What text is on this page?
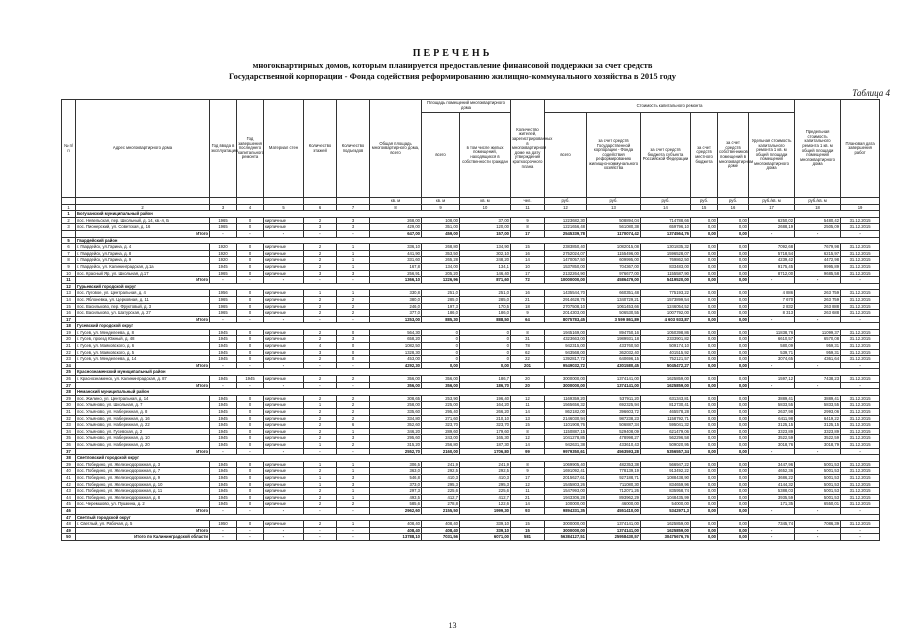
ПЕРЕЧЕНЬ
многоквартирных домов, которым планируется предоставление финансовой поддержки за счет средств
Государственной корпорации - Фонда содействия реформированию жилищно-коммунального хозяйства в 2015 году
Таблица 4
№ п/п	Адрес многоквартирного дома	Год ввода в эксплуатацию	Год завершения последнего капитального ремонта	Материал стен	Количество этажей	Количество подъездов	Общая площадь многоквартирного дома, всего	Площадь помещений многоквартирного дома		Количество жителей, зарегистрированных в многоквартирном доме на дату утверждения краткосрочного плана	Стоимость капитального ремонта						Предельная стоимость капитального ремонта 1 кв. м общей площади помещений многоквартирного дома	Плановая дата завершения работ
								всего	в том числе жилых помещений, находящихся в собственности граждан		всего	за счет средств Государственной корпорации - Фонда содействия реформированию жилищно-коммунального хозяйства	за счет средств бюджета субъекта Российской Федерации	за счет средств местного бюджета	за счет средств собственников помещений в многоквартирном доме	Удельная стоимость капитального ремонта 1 кв. м общей площади помещений многоквартирного дома		
							кв. м	кв. м	кв. м	чел.	руб.	руб.	руб.	руб.	руб.	руб./кв. м	руб./кв. м	
1	2	3	4	5	6	7	8	9	10	11	12	13	14	15	16	17	18	19
1	Богучанский муниципальный район																	
2	пос. Невельская, пер. Школьный, д. 14, кв.-л, Б	1965	0	кирпичные	2	3	268,00	108,00	37,00	9	1223682,30	508894,04	714788,66	0,00	0,00	6250,02	5480,42	31.12.2015
3	пос. Пионерский, ул. Советская, д. 16	1965	0	кирпичные	3	3	429,00	351,00	120,00	8	1221656,48	561080,38	659796,10	0,00	0,00	2688,19	2505,09	31.12.2015
	Итого	-	-	-	-	-	647,00	459,00	157,00	17	2545339,78	1170074,42	1374564,76	0,00	0,00	-	-	-
5	Гвардейский район																	
6	г. Гвардейск, ул.Гарина, д. 4	1920	0	кирпичные	2	1	336,10	268,80	134,90	15	2383850,40	1082015,08	1301835,32	0,00	0,00	7092,68	7679,98	31.12.2015
7	г. Гвардейск, ул.Гарина, д. 8	1920	0	кирпичные	2	1	441,90	353,50	302,10	16	2752024,07	1155496,00	1596528,07	0,00	0,00	5718,54	6215,97	31.12.2015
8	г. Гвардейск, ул.Гарина, д. 9	1920	0	кирпичные	2	1	331,60	265,28	248,20	14	1470057,50	609995,00	769862,50	0,00	0,00	4239,42	4472,98	31.12.2015
9	г. Гвардейск, ул. Калининградская, д.1а	1945	0	кирпичные	2	1	167,8	134,00	134,1	10	1537850,00	704367,00	833483,00	0,00	0,00	9175,45	9995,89	31.12.2015
10	пос. Красный Яр, ул. Школьная, д.17	1965	0	кирпичные	3	3	256,91	205,20	146,40	17	2132264,90	976677,00	1155587,90	0,00	0,00	8712,00	9685,58	31.12.2015
11	Итого	-	-	-	-	-	1366,10	1226,96	871,60	72	10000000,00	4586479,00	5419520,00	0,00	0,00	-	-	-
12	Гурьевский городской округ																	
13	пос. Луговое, ул. Центральная, д. 4	1956	0	кирпичные	1	1	330,8	251,0	251,0	16	1435544,70	660351,48	775193,22	0,00	0,00	4 886	263 759	31.12.2015
14	пос. Яблоневка, ул. Церковная, д. 11	1965	0	кирпичные	2	2	380,0	285,0	285,0	21	2914628,75	1340729,21	1573899,54	0,00	0,00	7 670	263 759	31.12.2015
15	пос. Васильково, пер. Фруктовый, д. 3	1965	0	кирпичные	2	2	246,0	197,3	170,5	18	2707508,10	1061453,66	1246054,52	0,00	0,00	2 832	263 888	31.12.2015
16	пос. Васильково, ул. Шатурская, д. 27	1965	0	кирпичные	2	2	377,0	186,0	186,0	9	2014303,00	506530,55	1007792,00	0,00	0,00	8 313	263 688	31.12.2015
17	Итого	-	-	-	-	-	1253,00	885,30	888,50	64	8075783,45	3 599 861,89	4 603 933,87	0,00	0,00	-	-	-
18	Гусевский городской округ																	
19	г. Гусев, ул. Менделеева, д. 8	1945	0	кирпичные	2	0	564,30	0	0	8	1945169,00	894750,16	1050398,86	0,00	0,00	11838,76	11099,37	31.12.2015
20	г. Гусев, проезд Южный, д. 48	1945	0	кирпичные	2	3	658,20	0	0	31	4323663,00	1989931,18	2333901,82	0,00	0,00	6610,57	6570,08	31.12.2015
21	г. Гусев, ул. Маяковского, д. 6	1945	0	кирпичные	4	0	1082,50	0	0	78	942315,00	433760,50	509174,10	0,00	0,00	580,09	959,31	31.12.2015
22	г. Гусев, ул. Маяковского, д. 5	1945	0	кирпичные	3	0	1328,30	0	0	62	943568,00	362032,40	401515,92	0,00	0,00	539,71	959,31	31.12.2015
23	г. Гусев, ул. Менделеева, д. 14	1945	0	кирпичные	2	0	453,00	0	0	22	1392817,72	640696,15	752121,57	0,00	0,00	3074,65	4361,64	31.12.2015
24	Итого	-	-	-	-	-	4292,30	0,00	0,00	201	9549032,72	4301580,45	5045472,27	0,00	0,00	-	-	-
25	Краснознаменский муниципальный район																	
26	г. Краснознаменск, ул. Калининградская, д. 87	1945	1945	кирпичные	2	2	356,00	356,00	186,7	20	3000000,00	1374141,00	1625859,00	0,00	0,00	1597,12	7438,23	31.12.2015
27	Итого	-	-	-	-	-	356,00	356,00	186,70	20	3000000,00	1374141,00	1625859,00	0,00	0,00	-	-	-
28	Неманский муниципальный район																	
29	пос. Жилино, ул. Центральная, д. 14	1945	0	кирпичные	2	2	308,65	253,90	196,40	12	1169359,20	537911,20	631343,81	0,00	0,00	3889,41	3889,41	31.12.2015
30	пос. Ульяново, ул. Школьная, д. 7	1945	0	кирпичные	1	2	258,00	225,00	164,20	11	1565656,32	692325,94	812730,41	0,00	0,00	5833,55	5833,55	31.12.2015
31	пос. Ульяново, ул. Набережная, д. 8	1945	0	кирпичные	2	2	335,60	295,40	266,20	14	862182,00	396603,72	465578,28	0,00	0,00	2637,98	2993,06	31.12.2015
32	пос. Ульяново, ул. Набережная, д. 16	1945	0	кирпичные	2	2	334,80	271,60	210,10	13	2146030,94	987238,23	1158792,71	0,00	0,00	6411,98	6419,22	31.12.2015
33	пос. Ульяново, ул. Набережная, д. 22	1945	0	кирпичные	2	6	352,60	323,70	323,70	15	1101908,76	506887,34	595041,32	0,00	0,00	3125,15	3125,15	31.12.2015
34	пос. Ульяново, ул. Гусевская, д. 2	1945	0	кирпичные	2	1	346,20	289,60	179,60	8	1150887,15	529408,09	621479,06	0,00	0,00	3323,89	3323,89	31.12.2015
35	пос. Ульяново, ул. Набережная, д. 10	1945	0	кирпичные	2	3	295,60	243,00	165,30	12	1041278,85	478998,27	562296,58	0,00	0,00	3522,59	3522,59	31.12.2015
36	пос. Ульяново, ул. Набережная, д. 20	1945	0	кирпичные	1	2	315,20	256,80	187,30	14	942631,38	433610,43	509020,95	0,00	0,00	3018,76	3018,79	31.12.2015
37	Итого	-	-	-	-	-	2552,70	2160,00	1706,80	99	9979350,61	4563593,28	5356557,34	0,00	0,00	-	-	-
38	Светловский городской округ																	
39	пос. Победино, ул. Железнодорожная, д. 3	1945	0	кирпичные	1	1	306,5	241,9	241,9	8	1069905,40	482353,38	566947,22	0,00	0,00	3447,96	5001,53	31.12.2015
40	пос. Победино, ул. Железнодорожная, д. 7	1945	0	кирпичные	2	1	363,0	292,5	292,5	9	1691092,41	778139,19	913492,22	0,00	0,00	4652,36	5001,53	31.12.2015
41	пос. Победино, ул. Железнодорожная, д. 9	1945	0	кирпичные	1	3	546,8	410,3	410,3	17	2015627,61	927188,71	1088438,90	0,00	0,00	3686,22	5001,53	31.12.2015
42	пос. Победино, ул. Железнодорожная, д. 10	1945	0	кирпичные	1	3	373,0	295,3	295,3	12	1545803,26	711080,30	834659,96	0,00	0,00	4144,32	5001,53	31.12.2015
43	пос. Победино, ул. Железнодорожная, д. 11	1945	0	кирпичные	2	1	297,3	225,6	225,6	11	1547993,00	712071,26	835958,74	0,00	0,00	5388,03	5001,53	31.12.2015
44	пос. Победино, ул. Железнодорожная, д. 8	1945	0	кирпичные	2	1	493,5	412,7	412,7	21	1943306,28	893962,29	1048435,99	0,00	0,00	3935,59	5001,53	31.12.2015
45	пос. Черемшово, ул. Пушкина, д. 2	1945	0	кирпичные	2	2	585,6	278,8	122,6	14	100000,00	46000,00	54000,00	0,00	0,00	171,35	6550,01	31.12.2015
46	Итого	-	-	-	-	-	2962,60	2155,50	1999,30	93	9894331,35	4551410,00	5342971,3	0,00	0,00	-	-	-
47	Светлый городской округ																	
48	г. Светлый, ул. Рабочая, д. 5	1950	0	кирпичные	2	1	408,40	408,40	339,10	15	3000000,00	1374141,00	1625859,00	0,00	0,00	7345,74	7086,39	31.12.2015
49	Итого	-	-	-	-	-	408,40	408,40	339,10	15	3000000,00	1374141,00	1625859,00	0,00	0,00	-	-	-
50	Итого по Калининградской области	-	-	-	-	-	13788,10	7031,56	6071,00	581	56384127,51	25958430,57	30475676,76	0,00	0,00	-	-	-
13
